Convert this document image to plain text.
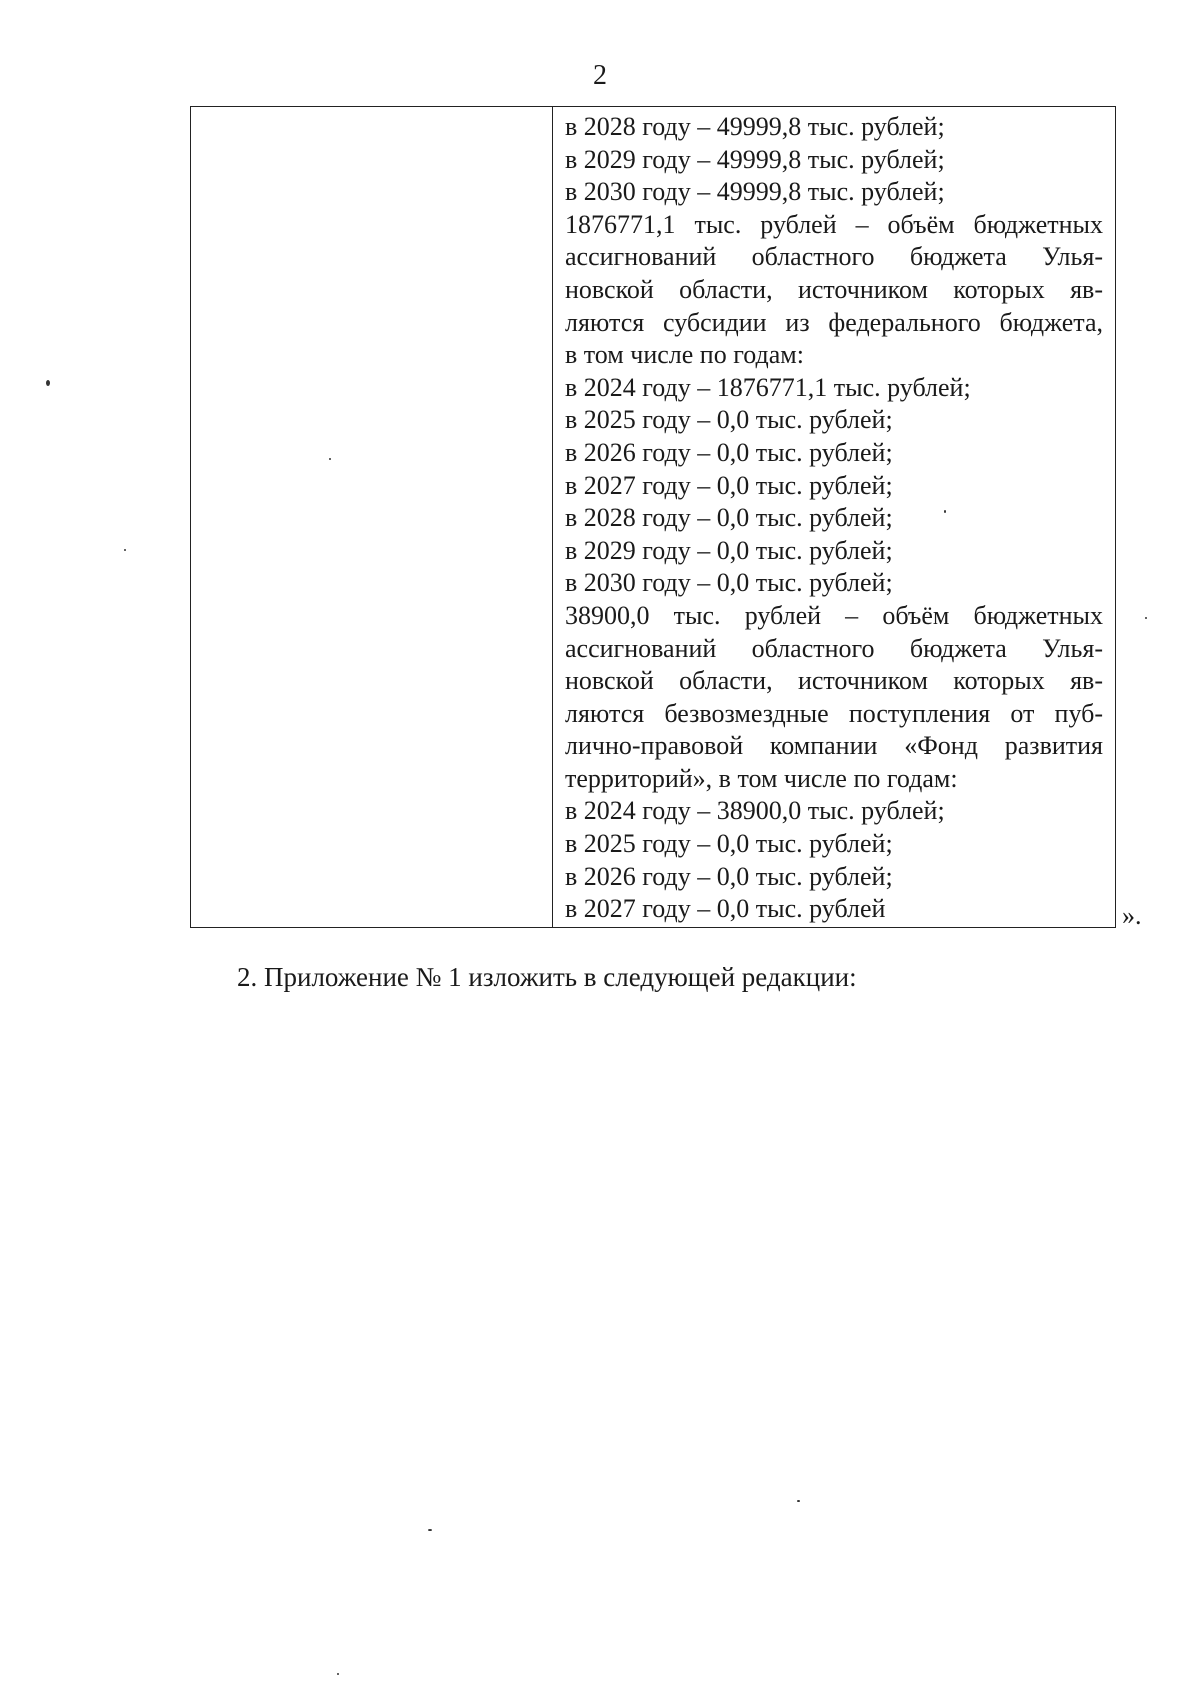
2
в 2028 году – 49999,8 тыс. рублей;
в 2029 году – 49999,8 тыс. рублей;
в 2030 году – 49999,8 тыс. рублей;
1876771,1 тыс. рублей – объём бюджетных
ассигнований областного бюджета Улья-
новской области, источником которых яв-
ляются субсидии из федерального бюджета,
в том числе по годам:
в 2024 году – 1876771,1 тыс. рублей;
в 2025 году – 0,0 тыс. рублей;
в 2026 году – 0,0 тыс. рублей;
в 2027 году – 0,0 тыс. рублей;
в 2028 году – 0,0 тыс. рублей;
в 2029 году – 0,0 тыс. рублей;
в 2030 году – 0,0 тыс. рублей;
38900,0 тыс. рублей – объём бюджетных
ассигнований областного бюджета Улья-
новской области, источником которых яв-
ляются безвозмездные поступления от пуб-
лично-правовой компании «Фонд развития
территорий», в том числе по годам:
в 2024 году – 38900,0 тыс. рублей;
в 2025 году – 0,0 тыс. рублей;
в 2026 году – 0,0 тыс. рублей;
в 2027 году – 0,0 тыс. рублей	».
2. Приложение № 1 изложить в следующей редакции:
